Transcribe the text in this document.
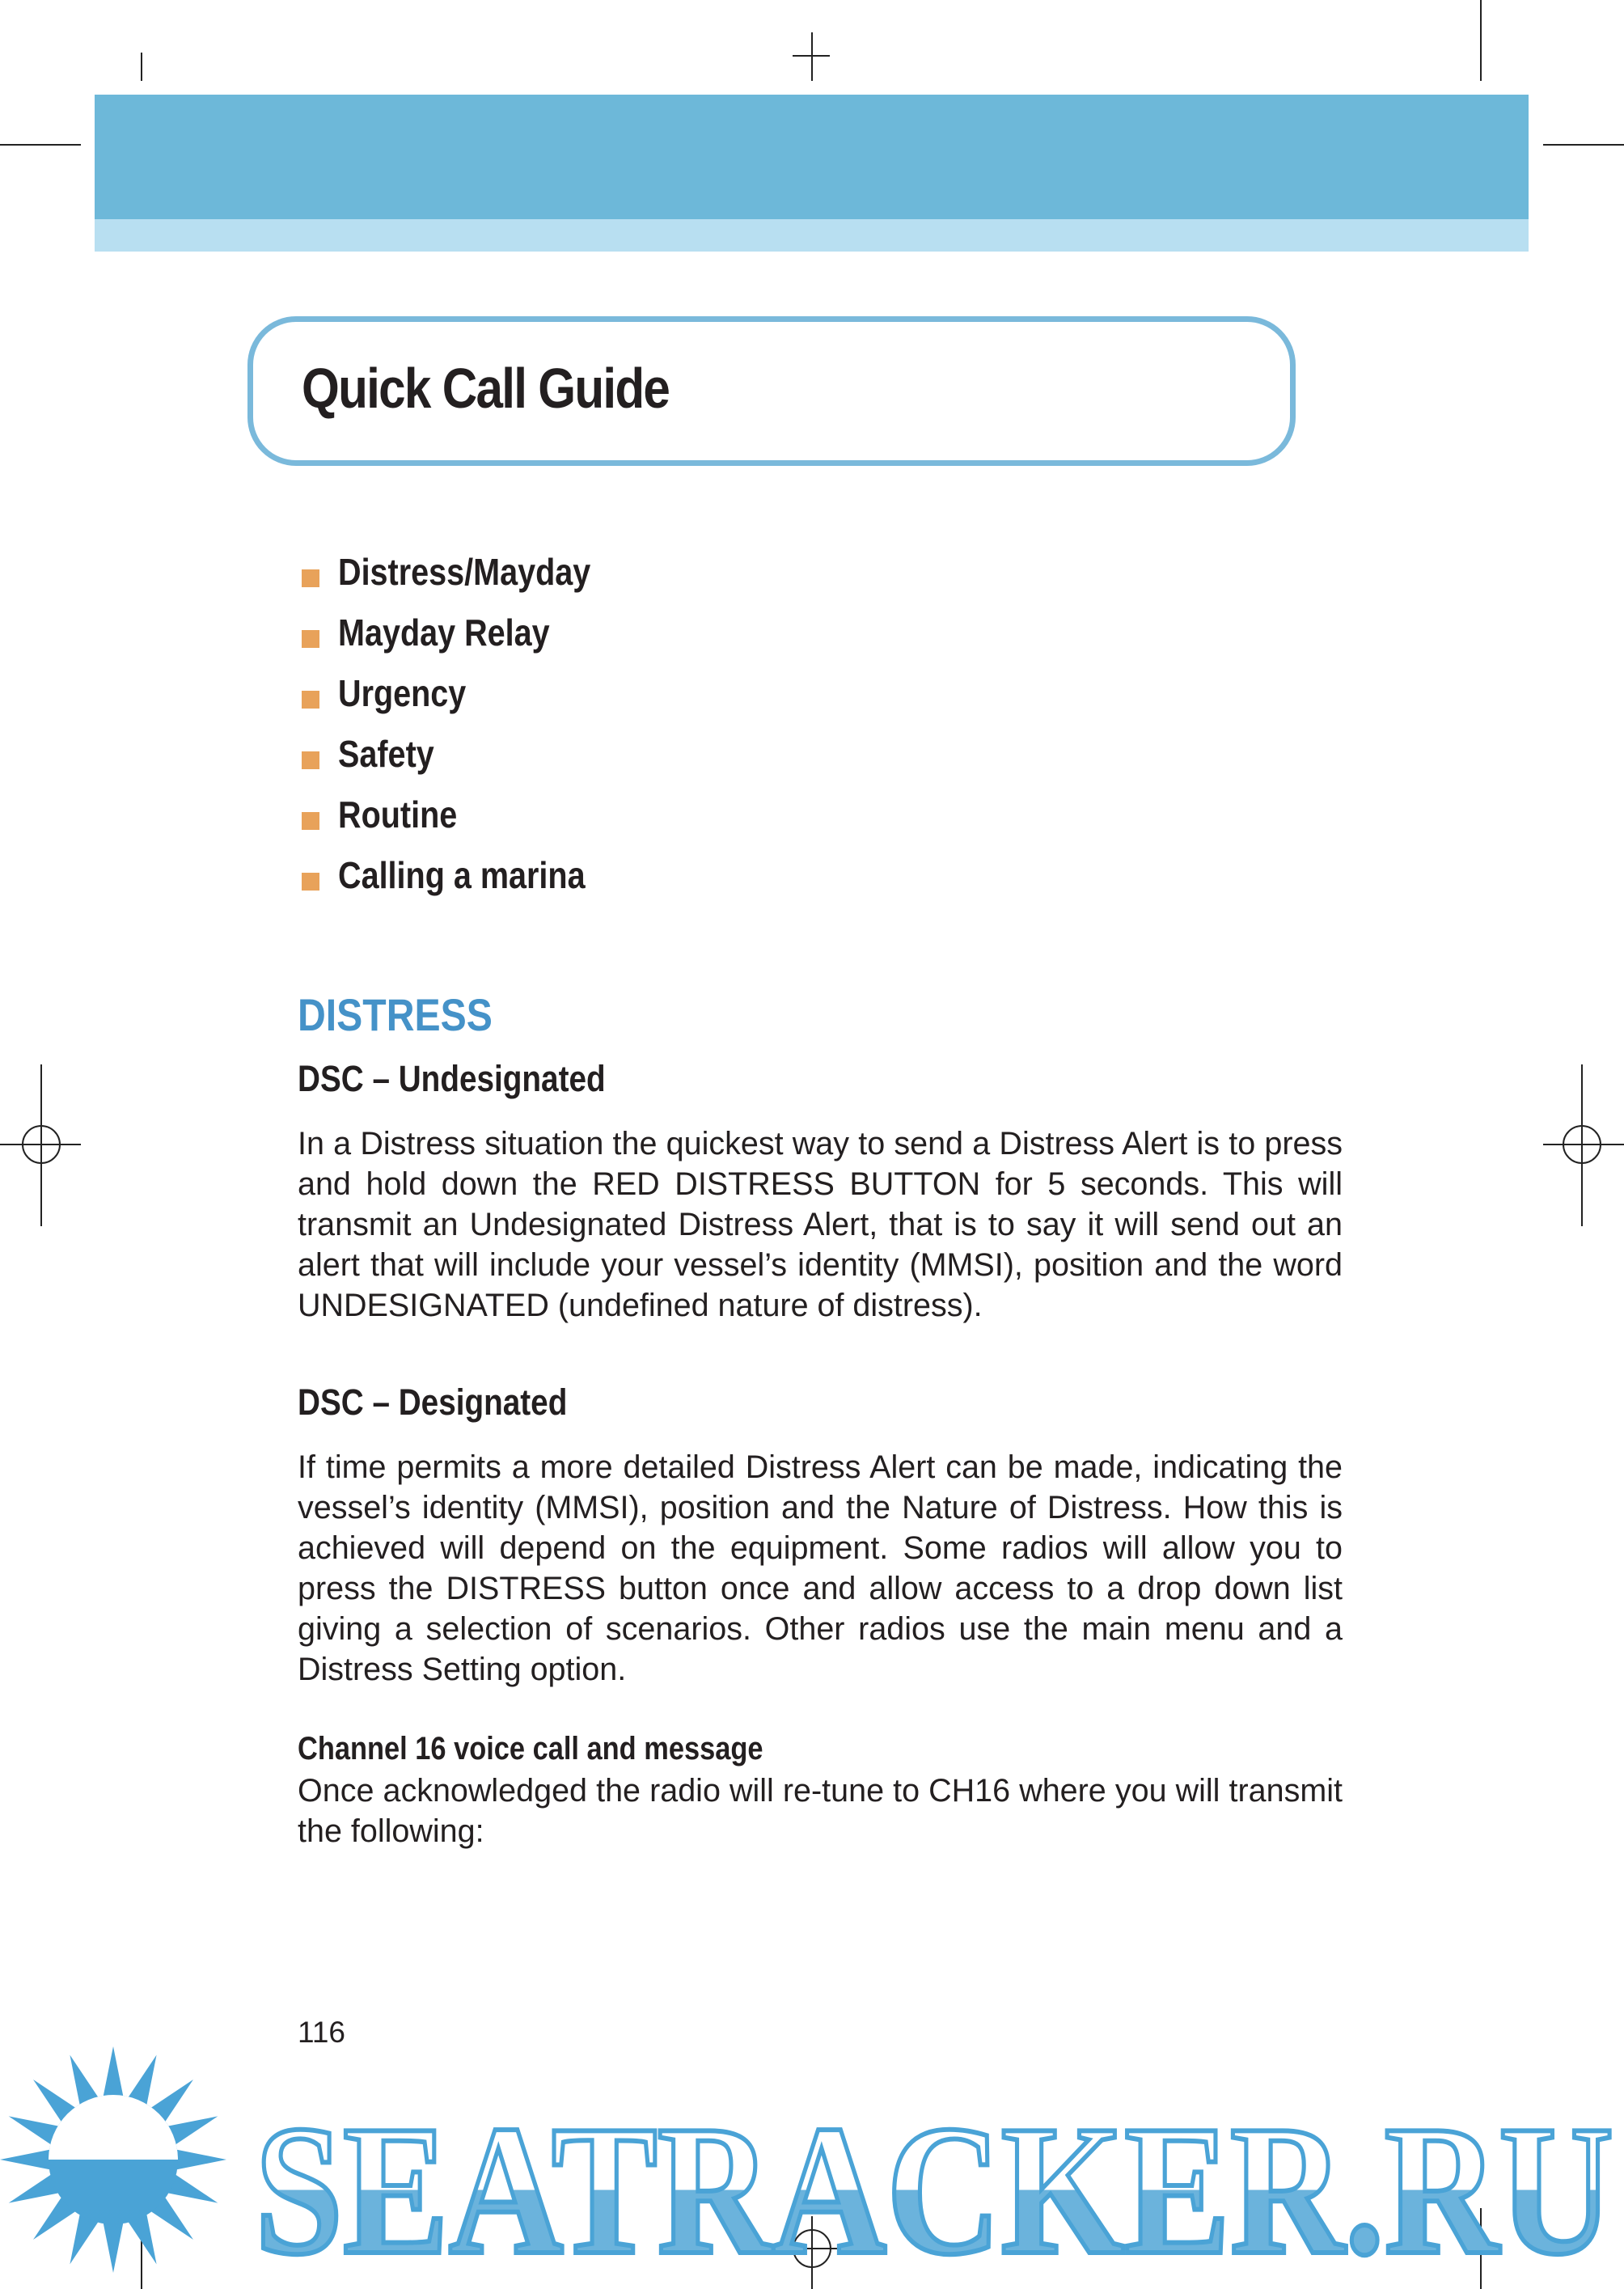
Quick Call Guide
Distress/Mayday
Mayday Relay
Urgency
Safety
Routine
Calling a marina
DISTRESS
DSC – Undesignated
In a Distress situation the quickest way to send a Distress Alert is to press and hold down the RED DISTRESS BUTTON for 5 seconds. This will transmit an Undesignated Distress Alert, that is to say it will send out an alert that will include your vessel’s identity (MMSI), position and the word UNDESIGNATED (undefined nature of distress).
DSC – Designated
If time permits a more detailed Distress Alert can be made, indicating the vessel’s identity (MMSI), position and the Nature of Distress. How this is achieved will depend on the equipment. Some radios will allow you to press the DISTRESS button once and allow access to a drop down list giving a selection of scenarios. Other radios use the main menu and a Distress Setting option.
Channel 16 voice call and message
Once acknowledged the radio will re-tune to CH16 where you will transmit the following:
116
SEATRACKER.RU
